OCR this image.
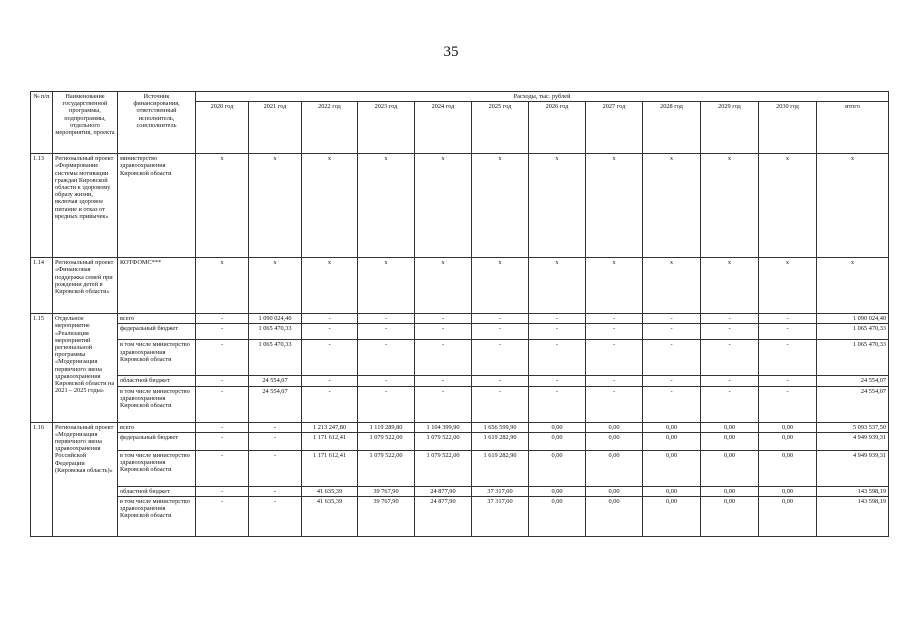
35
№ п/п	Наименование государственной программы, подпрограммы, отдельного мероприятия, проекта	Источник финансирования, ответственный исполнитель, соисполнитель	Расходы, тыс. рублей											
			2020 год	2021 год	2022 год	2023 год	2024 год	2025 год	2026 год	2027 год	2028 год	2029 год	2030 год	итого
1.13	Региональный проект «Формирование системы мотивации граждан Кировской области к здоровому образу жизни, включая здоровое питание и отказ от вредных привычек»	министерство здравоохранения Кировской области	x	x	x	x	x	x	x	x	x	x	x	x
1.14	Региональный проект «Финансовая поддержка семей при рождении детей в Кировской области»	КОТФОМС***	x	x	x	x	x	x	x	x	x	x	x	x
1.15	Отдельное мероприятие «Реализация мероприятий региональной программы «Модернизация первичного звена здравоохранения Кировской области на 2021 – 2025 годы»	всего	-	1 090 024,40	-	-	-	-	-	-	-	-	-	1 090 024,40
		федеральный бюджет	-	1 065 470,33	-	-	-	-	-	-	-	-	-	1 065 470,33
		в том числе министерство здравоохранения Кировской области	-	1 065 470,33	-	-	-	-	-	-	-	-	-	1 065 470,33
		областной бюджет	-	24 554,07	-	-	-	-	-	-	-	-	-	24 554,07
		в том числе министерство здравоохранения Кировской области	-	24 554,07	-	-	-	-	-	-	-	-	-	24 554,07
1.16	Региональный проект «Модернизация первичного звена здравоохранения Российской Федерации (Кировская область)»	всего	-	-	1 213 247,80	1 119 289,80	1 104 399,90	1 656 599,90	0,00	0,00	0,00	0,00	0,00	5 093 537,50
		федеральный бюджет	-	-	1 171 612,41	1 079 522,00	1 079 522,00	1 619 282,90	0,00	0,00	0,00	0,00	0,00	4 949 939,31
		в том числе министерство здравоохранения Кировской области	-	-	1 171 612,41	1 079 522,00	1 079 522,00	1 619 282,90	0,00	0,00	0,00	0,00	0,00	4 949 939,31
		областной бюджет	-	-	41 635,39	39 767,90	24 877,90	37 317,00	0,00	0,00	0,00	0,00	0,00	143 598,19
		в том числе министерство здравоохранения Кировской области	-	-	41 635,39	39 767,90	24 877,90	37 317,00	0,00	0,00	0,00	0,00	0,00	143 598,19
